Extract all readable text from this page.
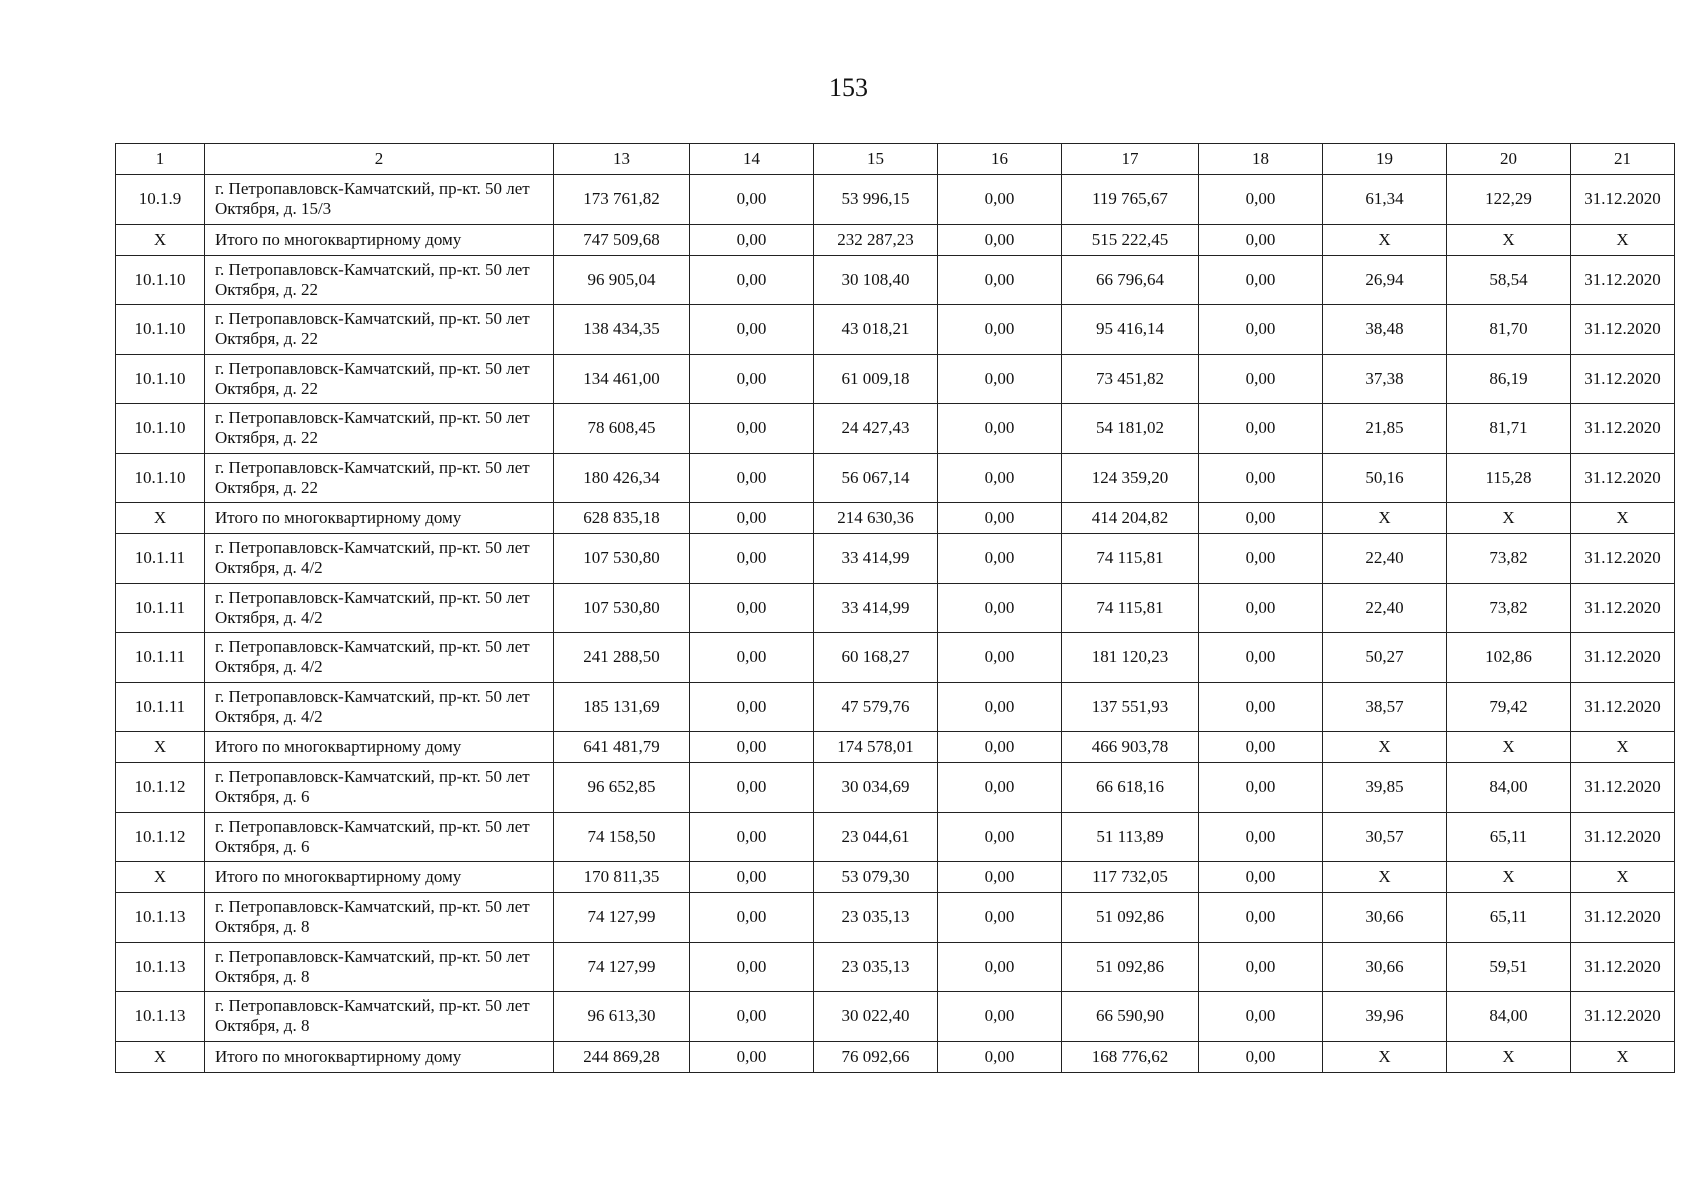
153
1	2	13	14	15	16	17	18	19	20	21
10.1.9	г. Петропавловск-Камчатский, пр-кт. 50 лет Октября, д. 15/3	173 761,82	0,00	53 996,15	0,00	119 765,67	0,00	61,34	122,29	31.12.2020
X	Итого по многоквартирному дому	747 509,68	0,00	232 287,23	0,00	515 222,45	0,00	X	X	X
10.1.10	г. Петропавловск-Камчатский, пр-кт. 50 лет Октября, д. 22	96 905,04	0,00	30 108,40	0,00	66 796,64	0,00	26,94	58,54	31.12.2020
10.1.10	г. Петропавловск-Камчатский, пр-кт. 50 лет Октября, д. 22	138 434,35	0,00	43 018,21	0,00	95 416,14	0,00	38,48	81,70	31.12.2020
10.1.10	г. Петропавловск-Камчатский, пр-кт. 50 лет Октября, д. 22	134 461,00	0,00	61 009,18	0,00	73 451,82	0,00	37,38	86,19	31.12.2020
10.1.10	г. Петропавловск-Камчатский, пр-кт. 50 лет Октября, д. 22	78 608,45	0,00	24 427,43	0,00	54 181,02	0,00	21,85	81,71	31.12.2020
10.1.10	г. Петропавловск-Камчатский, пр-кт. 50 лет Октября, д. 22	180 426,34	0,00	56 067,14	0,00	124 359,20	0,00	50,16	115,28	31.12.2020
X	Итого по многоквартирному дому	628 835,18	0,00	214 630,36	0,00	414 204,82	0,00	X	X	X
10.1.11	г. Петропавловск-Камчатский, пр-кт. 50 лет Октября, д. 4/2	107 530,80	0,00	33 414,99	0,00	74 115,81	0,00	22,40	73,82	31.12.2020
10.1.11	г. Петропавловск-Камчатский, пр-кт. 50 лет Октября, д. 4/2	107 530,80	0,00	33 414,99	0,00	74 115,81	0,00	22,40	73,82	31.12.2020
10.1.11	г. Петропавловск-Камчатский, пр-кт. 50 лет Октября, д. 4/2	241 288,50	0,00	60 168,27	0,00	181 120,23	0,00	50,27	102,86	31.12.2020
10.1.11	г. Петропавловск-Камчатский, пр-кт. 50 лет Октября, д. 4/2	185 131,69	0,00	47 579,76	0,00	137 551,93	0,00	38,57	79,42	31.12.2020
X	Итого по многоквартирному дому	641 481,79	0,00	174 578,01	0,00	466 903,78	0,00	X	X	X
10.1.12	г. Петропавловск-Камчатский, пр-кт. 50 лет Октября, д. 6	96 652,85	0,00	30 034,69	0,00	66 618,16	0,00	39,85	84,00	31.12.2020
10.1.12	г. Петропавловск-Камчатский, пр-кт. 50 лет Октября, д. 6	74 158,50	0,00	23 044,61	0,00	51 113,89	0,00	30,57	65,11	31.12.2020
X	Итого по многоквартирному дому	170 811,35	0,00	53 079,30	0,00	117 732,05	0,00	X	X	X
10.1.13	г. Петропавловск-Камчатский, пр-кт. 50 лет Октября, д. 8	74 127,99	0,00	23 035,13	0,00	51 092,86	0,00	30,66	65,11	31.12.2020
10.1.13	г. Петропавловск-Камчатский, пр-кт. 50 лет Октября, д. 8	74 127,99	0,00	23 035,13	0,00	51 092,86	0,00	30,66	59,51	31.12.2020
10.1.13	г. Петропавловск-Камчатский, пр-кт. 50 лет Октября, д. 8	96 613,30	0,00	30 022,40	0,00	66 590,90	0,00	39,96	84,00	31.12.2020
X	Итого по многоквартирному дому	244 869,28	0,00	76 092,66	0,00	168 776,62	0,00	X	X	X
